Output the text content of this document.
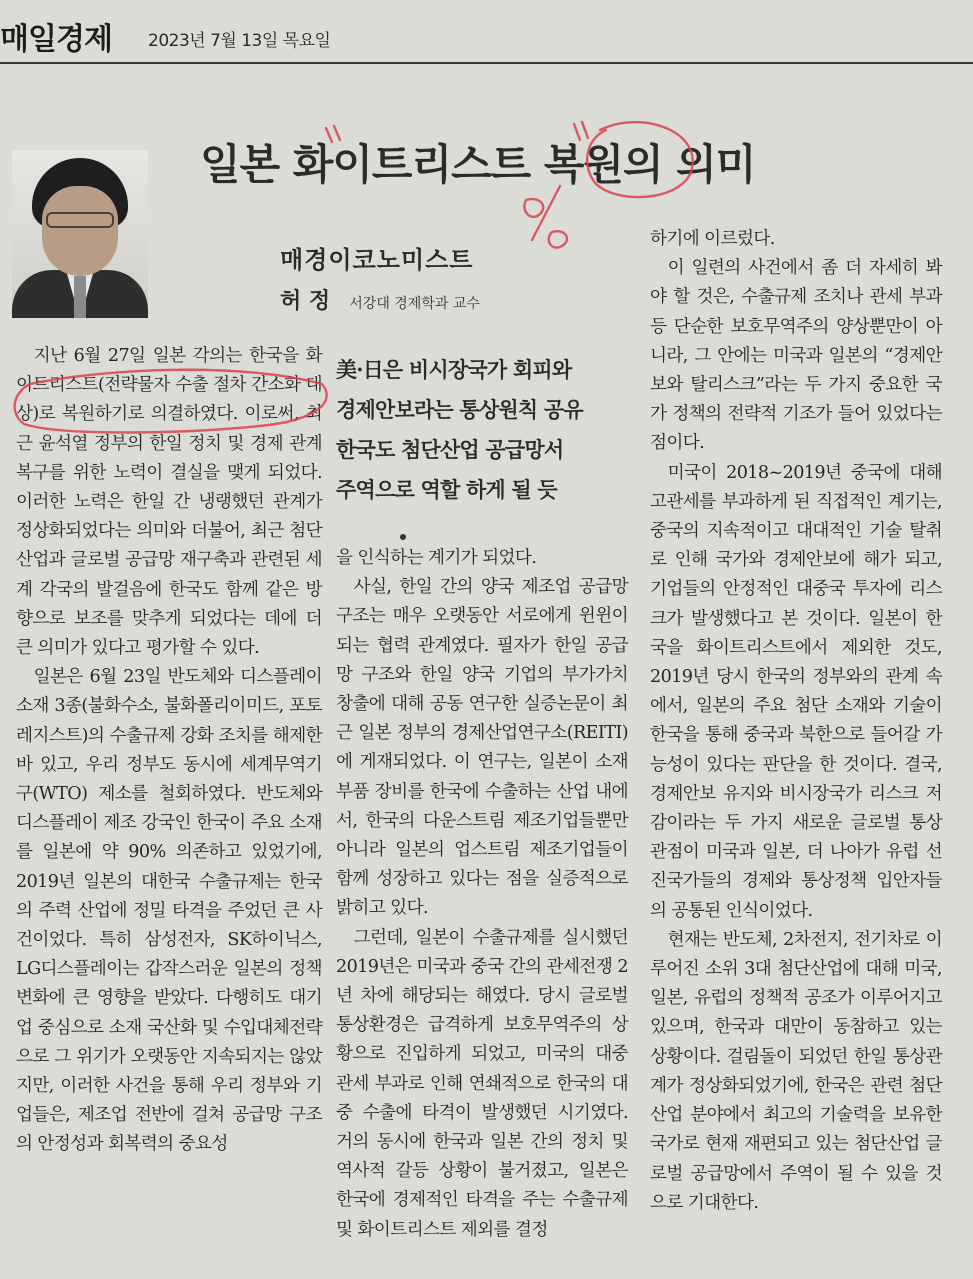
매일경제 2023년 7월 13일 목요일
일본 화이트리스트 복원의 의미
매경이코노미스트
허 정 서강대 경제학과 교수

지난 6월 27일 일본 각의는 한국을 화이트리스트(전략물자 수출 절차 간소화 대상)로 복원하기로 의결하였다. 이로써, 최근 윤석열 정부의 한일 정치 및 경제 관계 복구를 위한 노력이 결실을 맺게 되었다. 이러한 노력은 한일 간 냉랭했던 관계가 정상화되었다는 의미와 더불어, 최근 첨단산업과 글로벌 공급망 재구축과 관련된 세계 각국의 발걸음에 한국도 함께 같은 방향으로 보조를 맞추게 되었다는 데에 더 큰 의미가 있다고 평가할 수 있다.

일본은 6월 23일 반도체와 디스플레이 소재 3종(불화수소, 불화폴리이미드, 포토레지스트)의 수출규제 강화 조치를 해제한 바 있고, 우리 정부도 동시에 세계무역기구(WTO) 제소를 철회하였다. 반도체와 디스플레이 제조 강국인 한국이 주요 소재를 일본에 약 90% 의존하고 있었기에, 2019년 일본의 대한국 수출규제는 한국의 주력 산업에 정밀 타격을 주었던 큰 사건이었다. 특히 삼성전자, SK하이닉스, LG디스플레이는 갑작스러운 일본의 정책 변화에 큰 영향을 받았다. 다행히도 대기업 중심으로 소재 국산화 및 수입대체전략으로 그 위기가 오랫동안 지속되지는 않았지만, 이러한 사건을 통해 우리 정부와 기업들은, 제조업 전반에 걸쳐 공급망 구조의 안정성과 회복력의 중요성

美·日은 비시장국가 회피와
경제안보라는 통상원칙 공유
한국도 첨단산업 공급망서
주역으로 역할 하게 될 듯

을 인식하는 계기가 되었다.

사실, 한일 간의 양국 제조업 공급망 구조는 매우 오랫동안 서로에게 윈윈이 되는 협력 관계였다. 필자가 한일 공급망 구조와 한일 양국 기업의 부가가치 창출에 대해 공동 연구한 실증논문이 최근 일본 정부의 경제산업연구소(REITI)에 게재되었다. 이 연구는, 일본이 소재 부품 장비를 한국에 수출하는 산업 내에서, 한국의 다운스트림 제조기업들뿐만 아니라 일본의 업스트림 제조기업들이 함께 성장하고 있다는 점을 실증적으로 밝히고 있다.

그런데, 일본이 수출규제를 실시했던 2019년은 미국과 중국 간의 관세전쟁 2년 차에 해당되는 해였다. 당시 글로벌 통상환경은 급격하게 보호무역주의 상황으로 진입하게 되었고, 미국의 대중 관세 부과로 인해 연쇄적으로 한국의 대중 수출에 타격이 발생했던 시기였다. 거의 동시에 한국과 일본 간의 정치 및 역사적 갈등 상황이 불거졌고, 일본은 한국에 경제적인 타격을 주는 수출규제 및 화이트리스트 제외를 결정

하기에 이르렀다.

이 일련의 사건에서 좀 더 자세히 봐야 할 것은, 수출규제 조치나 관세 부과 등 단순한 보호무역주의 양상뿐만이 아니라, 그 안에는 미국과 일본의 “경제안보와 탈리스크”라는 두 가지 중요한 국가 정책의 전략적 기조가 들어 있었다는 점이다.

미국이 2018~2019년 중국에 대해 고관세를 부과하게 된 직접적인 계기는, 중국의 지속적이고 대대적인 기술 탈취로 인해 국가와 경제안보에 해가 되고, 기업들의 안정적인 대중국 투자에 리스크가 발생했다고 본 것이다. 일본이 한국을 화이트리스트에서 제외한 것도, 2019년 당시 한국의 정부와의 관계 속에서, 일본의 주요 첨단 소재와 기술이 한국을 통해 중국과 북한으로 들어갈 가능성이 있다는 판단을 한 것이다. 결국, 경제안보 유지와 비시장국가 리스크 저감이라는 두 가지 새로운 글로벌 통상 관점이 미국과 일본, 더 나아가 유럽 선진국가들의 경제와 통상정책 입안자들의 공통된 인식이었다.

현재는 반도체, 2차전지, 전기차로 이루어진 소위 3대 첨단산업에 대해 미국, 일본, 유럽의 정책적 공조가 이루어지고 있으며, 한국과 대만이 동참하고 있는 상황이다. 걸림돌이 되었던 한일 통상관계가 정상화되었기에, 한국은 관련 첨단 산업 분야에서 최고의 기술력을 보유한 국가로 현재 재편되고 있는 첨단산업 글로벌 공급망에서 주역이 될 수 있을 것으로 기대한다.
